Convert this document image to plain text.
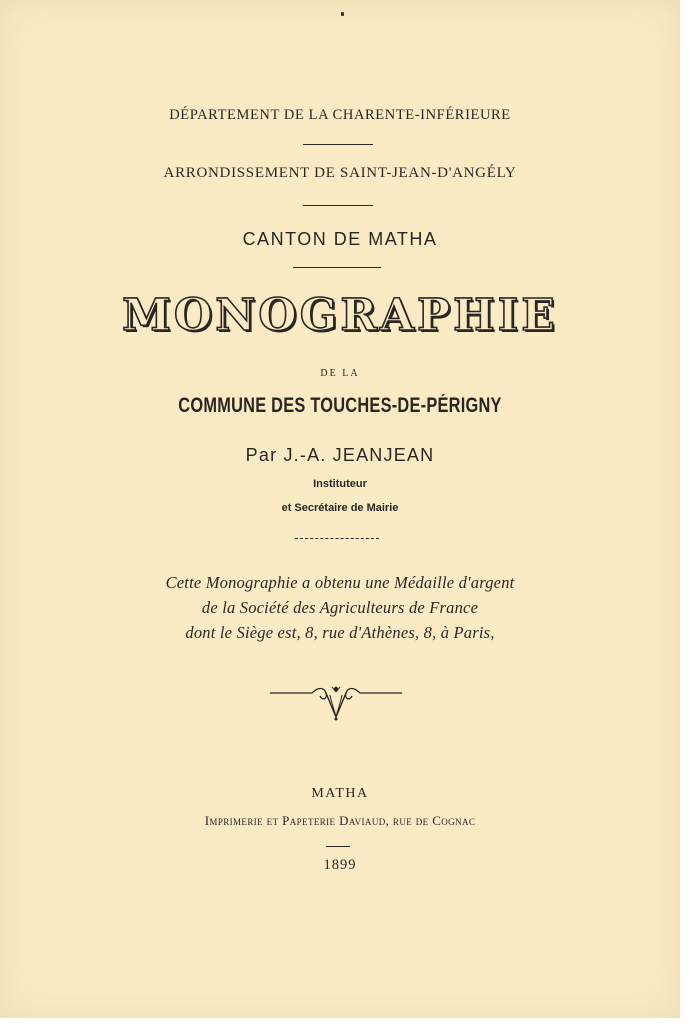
DÉPARTEMENT DE LA CHARENTE-INFÉRIEURE
ARRONDISSEMENT DE SAINT-JEAN-D'ANGÉLY
CANTON DE MATHA
MONOGRAPHIE
DE LA
COMMUNE DES TOUCHES-DE-PÉRIGNY
Par J.-A. JEANJEAN
Instituteur
et Secrétaire de Mairie
Cette Monographie a obtenu une Médaille d'argent
de la Société des Agriculteurs de France
dont le Siège est, 8, rue d'Athènes, 8, à Paris,
MATHA
Imprimerie et Papeterie Daviaud, rue de Cognac
1899
